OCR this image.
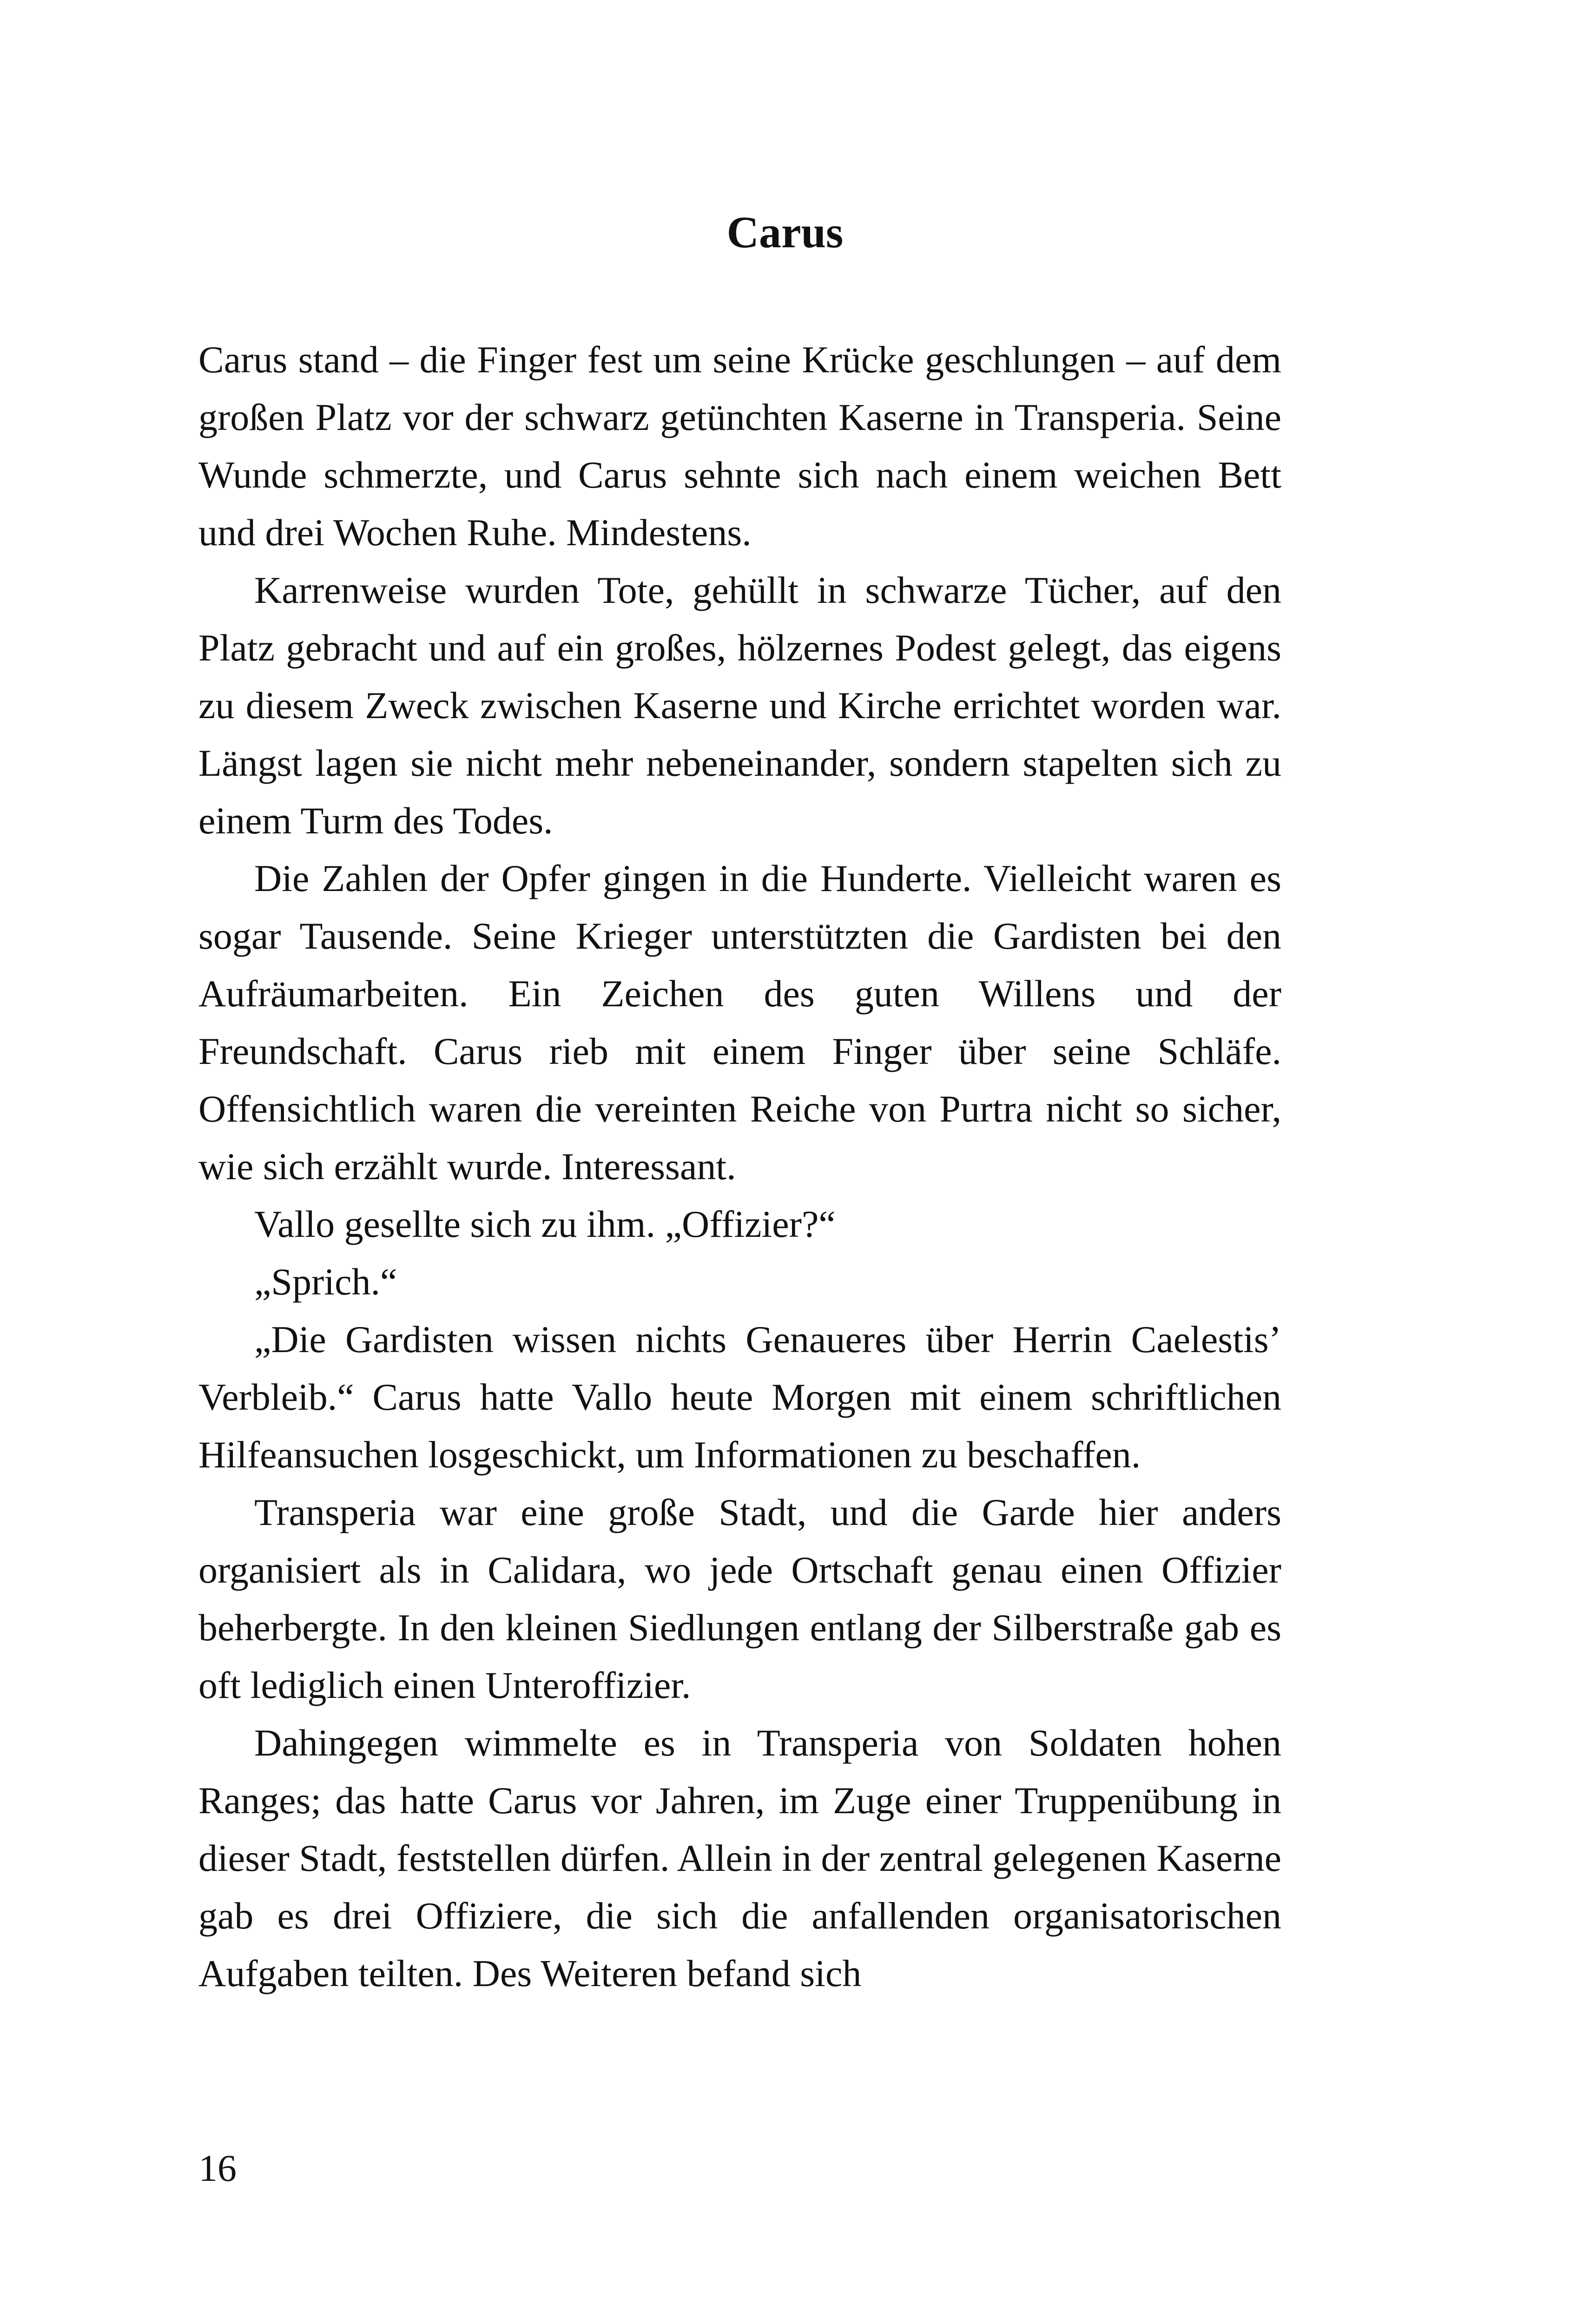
Carus

Carus stand – die Finger fest um seine Krücke geschlungen – auf dem großen Platz vor der schwarz getünchten Kaserne in Transperia. Seine Wunde schmerzte, und Carus sehnte sich nach einem weichen Bett und drei Wochen Ruhe. Mindestens.

Karrenweise wurden Tote, gehüllt in schwarze Tücher, auf den Platz gebracht und auf ein großes, hölzernes Podest gelegt, das eigens zu diesem Zweck zwischen Kaserne und Kirche errichtet worden war. Längst lagen sie nicht mehr nebeneinander, sondern stapelten sich zu einem Turm des Todes.

Die Zahlen der Opfer gingen in die Hunderte. Vielleicht waren es sogar Tausende. Seine Krieger unterstützten die Gardisten bei den Aufräumarbeiten. Ein Zeichen des guten Willens und der Freundschaft. Carus rieb mit einem Finger über seine Schläfe. Offensichtlich waren die vereinten Reiche von Purtra nicht so sicher, wie sich erzählt wurde. Interessant.

Vallo gesellte sich zu ihm. „Offizier?“

„Sprich.“

„Die Gardisten wissen nichts Genaueres über Herrin Caelestis’ Verbleib.“ Carus hatte Vallo heute Morgen mit einem schriftlichen Hilfeansuchen losgeschickt, um Informationen zu beschaffen.

Transperia war eine große Stadt, und die Garde hier anders organisiert als in Calidara, wo jede Ortschaft genau einen Offizier beherbergte. In den kleinen Siedlungen entlang der Silberstraße gab es oft lediglich einen Unteroffizier.

Dahingegen wimmelte es in Transperia von Soldaten hohen Ranges; das hatte Carus vor Jahren, im Zuge einer Truppenübung in dieser Stadt, feststellen dürfen. Allein in der zentral gelegenen Kaserne gab es drei Offiziere, die sich die anfallenden organisatorischen Aufgaben teilten. Des Weiteren befand sich

16
